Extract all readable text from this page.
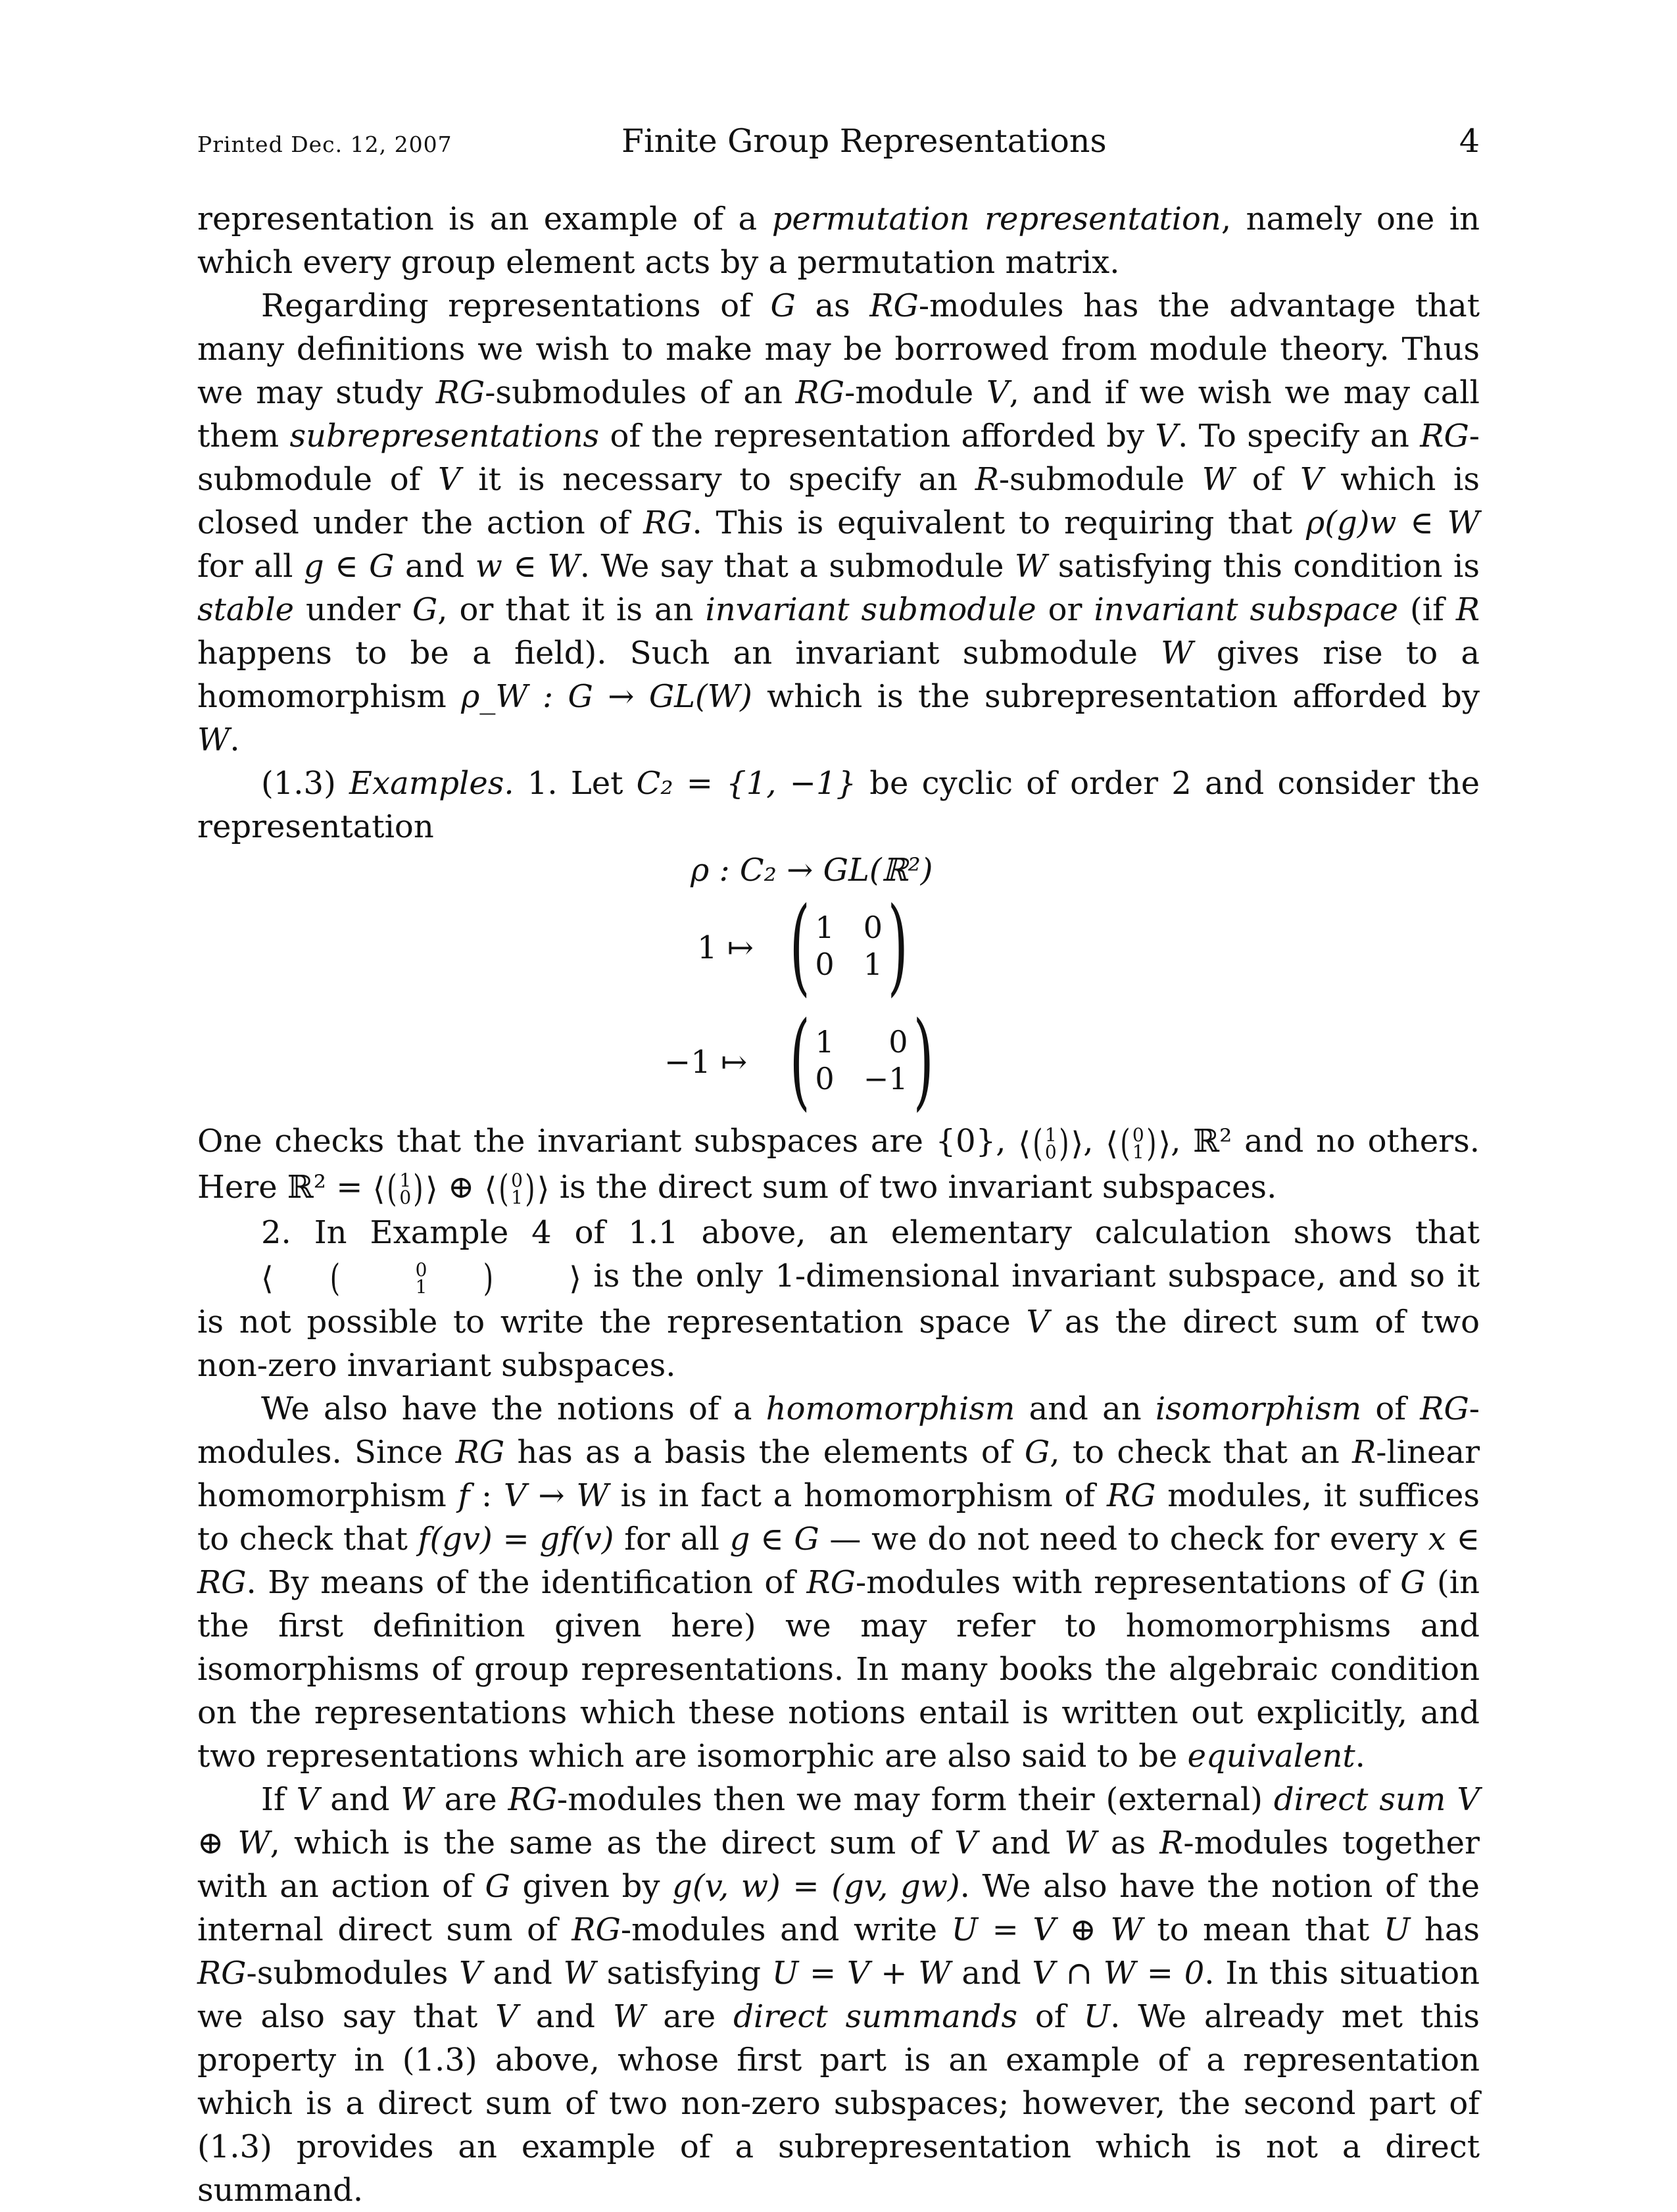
Printed Dec. 12, 2007	Finite Group Representations	4

representation is an example of a permutation representation, namely one in which every group element acts by a permutation matrix.

Regarding representations of G as RG-modules has the advantage that many definitions we wish to make may be borrowed from module theory. Thus we may study RG-submodules of an RG-module V, and if we wish we may call them subrepresentations of the representation afforded by V. To specify an RG-submodule of V it is necessary to specify an R-submodule W of V which is closed under the action of RG. This is equivalent to requiring that ρ(g)w ∈ W for all g ∈ G and w ∈ W. We say that a submodule W satisfying this condition is stable under G, or that it is an invariant submodule or invariant subspace (if R happens to be a field). Such an invariant submodule W gives rise to a homomorphism ρ_W : G → GL(W) which is the subrepresentation afforded by W.

(1.3) Examples. 1. Let C₂ = {1, −1} be cyclic of order 2 and consider the representation

ρ : C₂ → GL(ℝ²)
1 ↦ ( 1 0
0 1 )
−1 ↦ ( 1	0
0 −1 )

One checks that the invariant subspaces are {0}, ⟨ ( 1
0 ) ⟩ , ⟨ ( 0
1 ) ⟩ , ℝ² and no others. Here ℝ² = ⟨ ( 1
0 ) ⟩ ⊕ ⟨ ( 0
1 ) ⟩ is the direct sum of two invariant subspaces.

2. In Example 4 of 1.1 above, an elementary calculation shows that
⟨	(	0
1	)	⟩ is the only 1-dimensional invariant subspace, and so it is not possible to write the representation space V as the direct sum of two non-zero invariant subspaces.

We also have the notions of a homomorphism and an isomorphism of RG-modules. Since RG has as a basis the elements of G, to check that an R-linear homomorphism f : V → W is in fact a homomorphism of RG modules, it suffices to check that f(gv) = gf(v) for all g ∈ G — we do not need to check for every x ∈ RG. By means of the identification of RG-modules with representations of G (in the first definition given here) we may refer to homomorphisms and isomorphisms of group representations. In many books the algebraic condition on the representations which these notions entail is written out explicitly, and two representations which are isomorphic are also said to be equivalent.

If V and W are RG-modules then we may form their (external) direct sum V ⊕ W, which is the same as the direct sum of V and W as R-modules together with an action of G given by g(v, w) = (gv, gw). We also have the notion of the internal direct sum of RG-modules and write U = V ⊕ W to mean that U has RG-submodules V and W satisfying U = V + W and V ∩ W = 0. In this situation we also say that V and W are direct summands of U. We already met this property in (1.3) above, whose first part is an example of a representation which is a direct sum of two non-zero subspaces; however, the second part of (1.3) provides an example of a subrepresentation which is not a direct summand.
